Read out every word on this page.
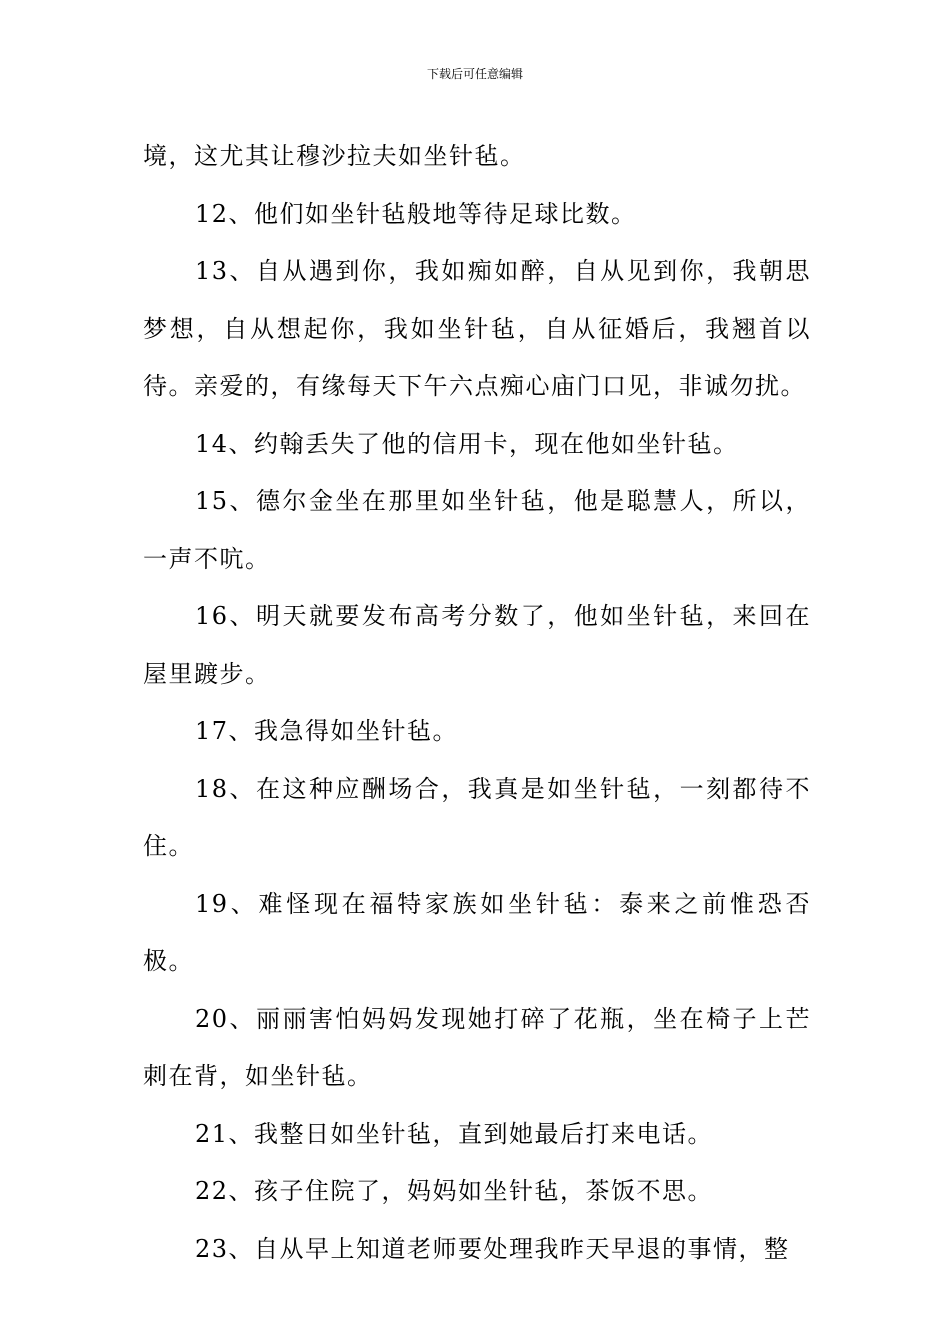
下载后可任意编辑

境，这尤其让穆沙拉夫如坐针毡。

12、他们如坐针毡般地等待足球比数。

13、自从遇到你，我如痴如醉，自从见到你，我朝思梦想，自从想起你，我如坐针毡，自从征婚后，我翘首以待。亲爱的，有缘每天下午六点痴心庙门口见，非诚勿扰。

14、约翰丢失了他的信用卡，现在他如坐针毡。

15、德尔金坐在那里如坐针毡，他是聪慧人，所以，一声不吭。

16、明天就要发布高考分数了，他如坐针毡，来回在屋里踱步。

17、我急得如坐针毡。

18、在这种应酬场合，我真是如坐针毡，一刻都待不住。

19、难怪现在福特家族如坐针毡：泰来之前惟恐否极。

20、丽丽害怕妈妈发现她打碎了花瓶，坐在椅子上芒刺在背，如坐针毡。

21、我整日如坐针毡，直到她最后打来电话。

22、孩子住院了，妈妈如坐针毡，茶饭不思。

23、自从早上知道老师要处理我昨天早退的事情，整
